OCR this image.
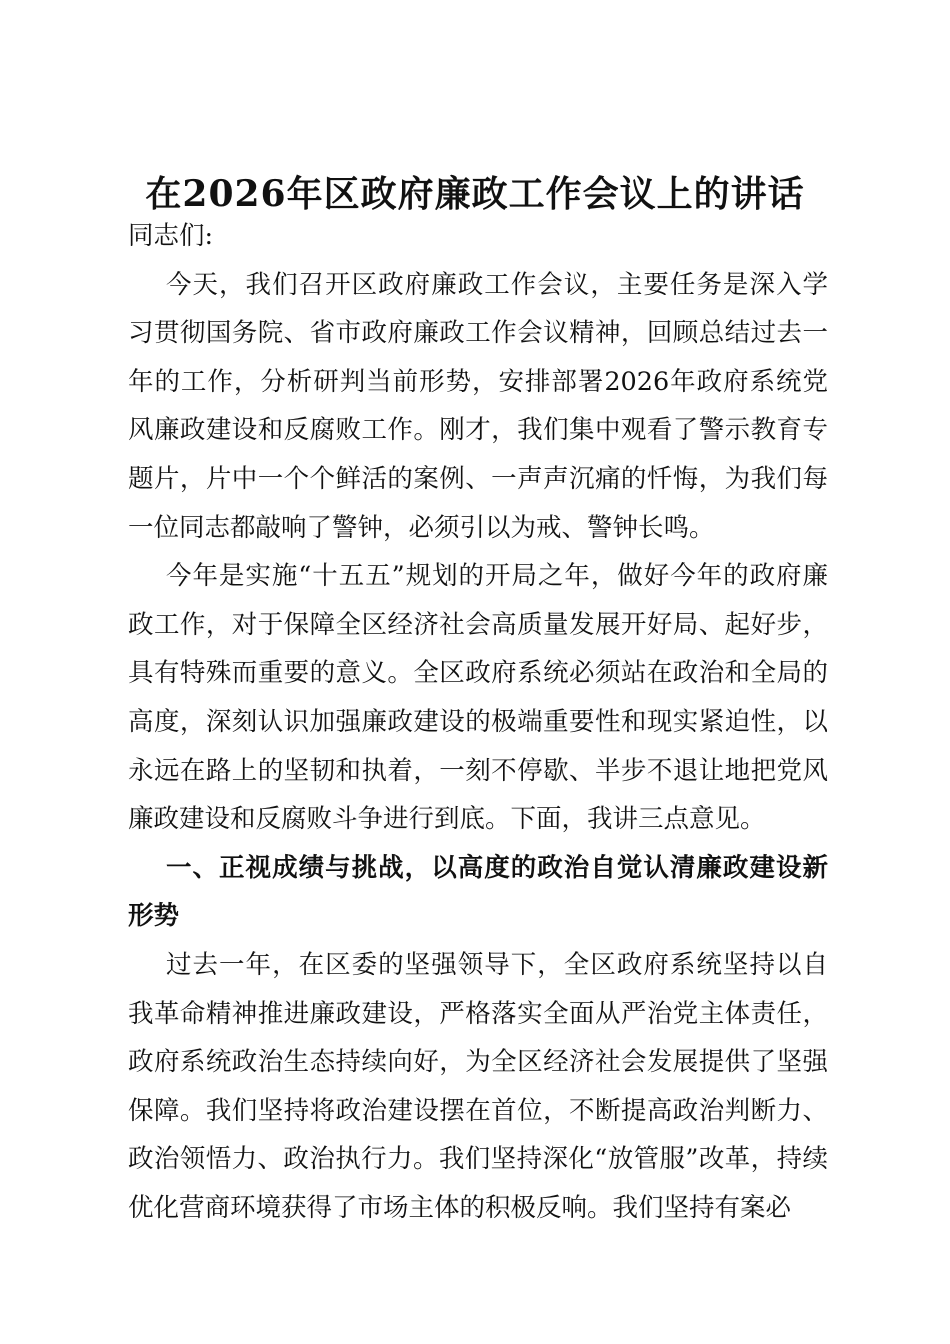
在2026年区政府廉政工作会议上的讲话

同志们:

今天，我们召开区政府廉政工作会议，主要任务是深入学习贯彻国务院、省市政府廉政工作会议精神，回顾总结过去一年的工作，分析研判当前形势，安排部署2026年政府系统党风廉政建设和反腐败工作。刚才，我们集中观看了警示教育专题片，片中一个个鲜活的案例、一声声沉痛的忏悔，为我们每一位同志都敲响了警钟，必须引以为戒、警钟长鸣。

今年是实施“十五五”规划的开局之年，做好今年的政府廉政工作，对于保障全区经济社会高质量发展开好局、起好步，具有特殊而重要的意义。全区政府系统必须站在政治和全局的高度，深刻认识加强廉政建设的极端重要性和现实紧迫性，以永远在路上的坚韧和执着，一刻不停歇、半步不退让地把党风廉政建设和反腐败斗争进行到底。下面，我讲三点意见。

一、正视成绩与挑战，以高度的政治自觉认清廉政建设新形势

过去一年，在区委的坚强领导下，全区政府系统坚持以自我革命精神推进廉政建设，严格落实全面从严治党主体责任，政府系统政治生态持续向好，为全区经济社会发展提供了坚强保障。我们坚持将政治建设摆在首位，不断提高政治判断力、政治领悟力、政治执行力。我们坚持深化“放管服”改革，持续优化营商环境获得了市场主体的积极反响。我们坚持有案必
